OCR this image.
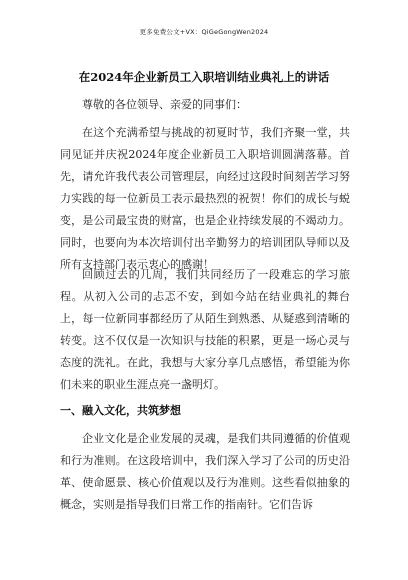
更多免费公文+VX：QiGeGongWen2024
在2024年企业新员工入职培训结业典礼上的讲话

尊敬的各位领导、亲爱的同事们：

在这个充满希望与挑战的初夏时节，我们齐聚一堂，共同见证并庆祝2024年度企业新员工入职培训圆满落幕。首先，请允许我代表公司管理层，向经过这段时间刻苦学习努力实践的每一位新员工表示最热烈的祝贺！你们的成长与蜕变，是公司最宝贵的财富，也是企业持续发展的不竭动力。同时，也要向为本次培训付出辛勤努力的培训团队导师以及所有支持部门表示衷心的感谢！

回顾过去的几周，我们共同经历了一段难忘的学习旅程。从初入公司的忐忑不安，到如今站在结业典礼的舞台上，每一位新同事都经历了从陌生到熟悉、从疑惑到清晰的转变。这不仅仅是一次知识与技能的积累，更是一场心灵与态度的洗礼。在此，我想与大家分享几点感悟，希望能为你们未来的职业生涯点亮一盏明灯。

一、融入文化，共筑梦想

企业文化是企业发展的灵魂，是我们共同遵循的价值观和行为准则。在这段培训中，我们深入学习了公司的历史沿革、使命愿景、核心价值观以及行为准则。这些看似抽象的概念，实则是指导我们日常工作的指南针。它们告诉
